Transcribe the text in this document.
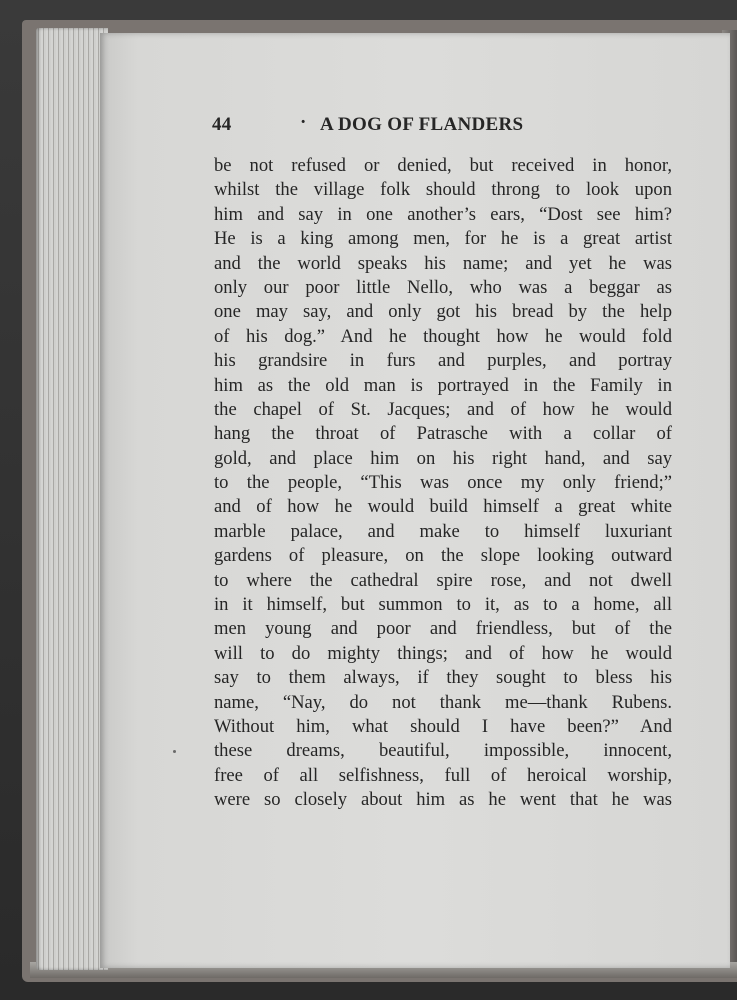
44	· A DOG OF FLANDERS
be not refused or denied, but received in honor,
whilst the village folk should throng to look upon
him and say in one another’s ears, “Dost see him?
He is a king among men, for he is a great artist
and the world speaks his name; and yet he was
only our poor little Nello, who was a beggar as
one may say, and only got his bread by the help
of his dog.” And he thought how he would fold
his grandsire in furs and purples, and portray
him as the old man is portrayed in the Family in
the chapel of St. Jacques; and of how he would
hang the throat of Patrasche with a collar of
gold, and place him on his right hand, and say
to the people, “This was once my only friend;”
and of how he would build himself a great white
marble palace, and make to himself luxuriant
gardens of pleasure, on the slope looking outward
to where the cathedral spire rose, and not dwell
in it himself, but summon to it, as to a home, all
men young and poor and friendless, but of the
will to do mighty things; and of how he would
say to them always, if they sought to bless his
name, “Nay, do not thank me—thank Rubens.
Without him, what should I have been?” And
these dreams, beautiful, impossible, innocent,
free of all selfishness, full of heroical worship,
were so closely about him as he went that he was
